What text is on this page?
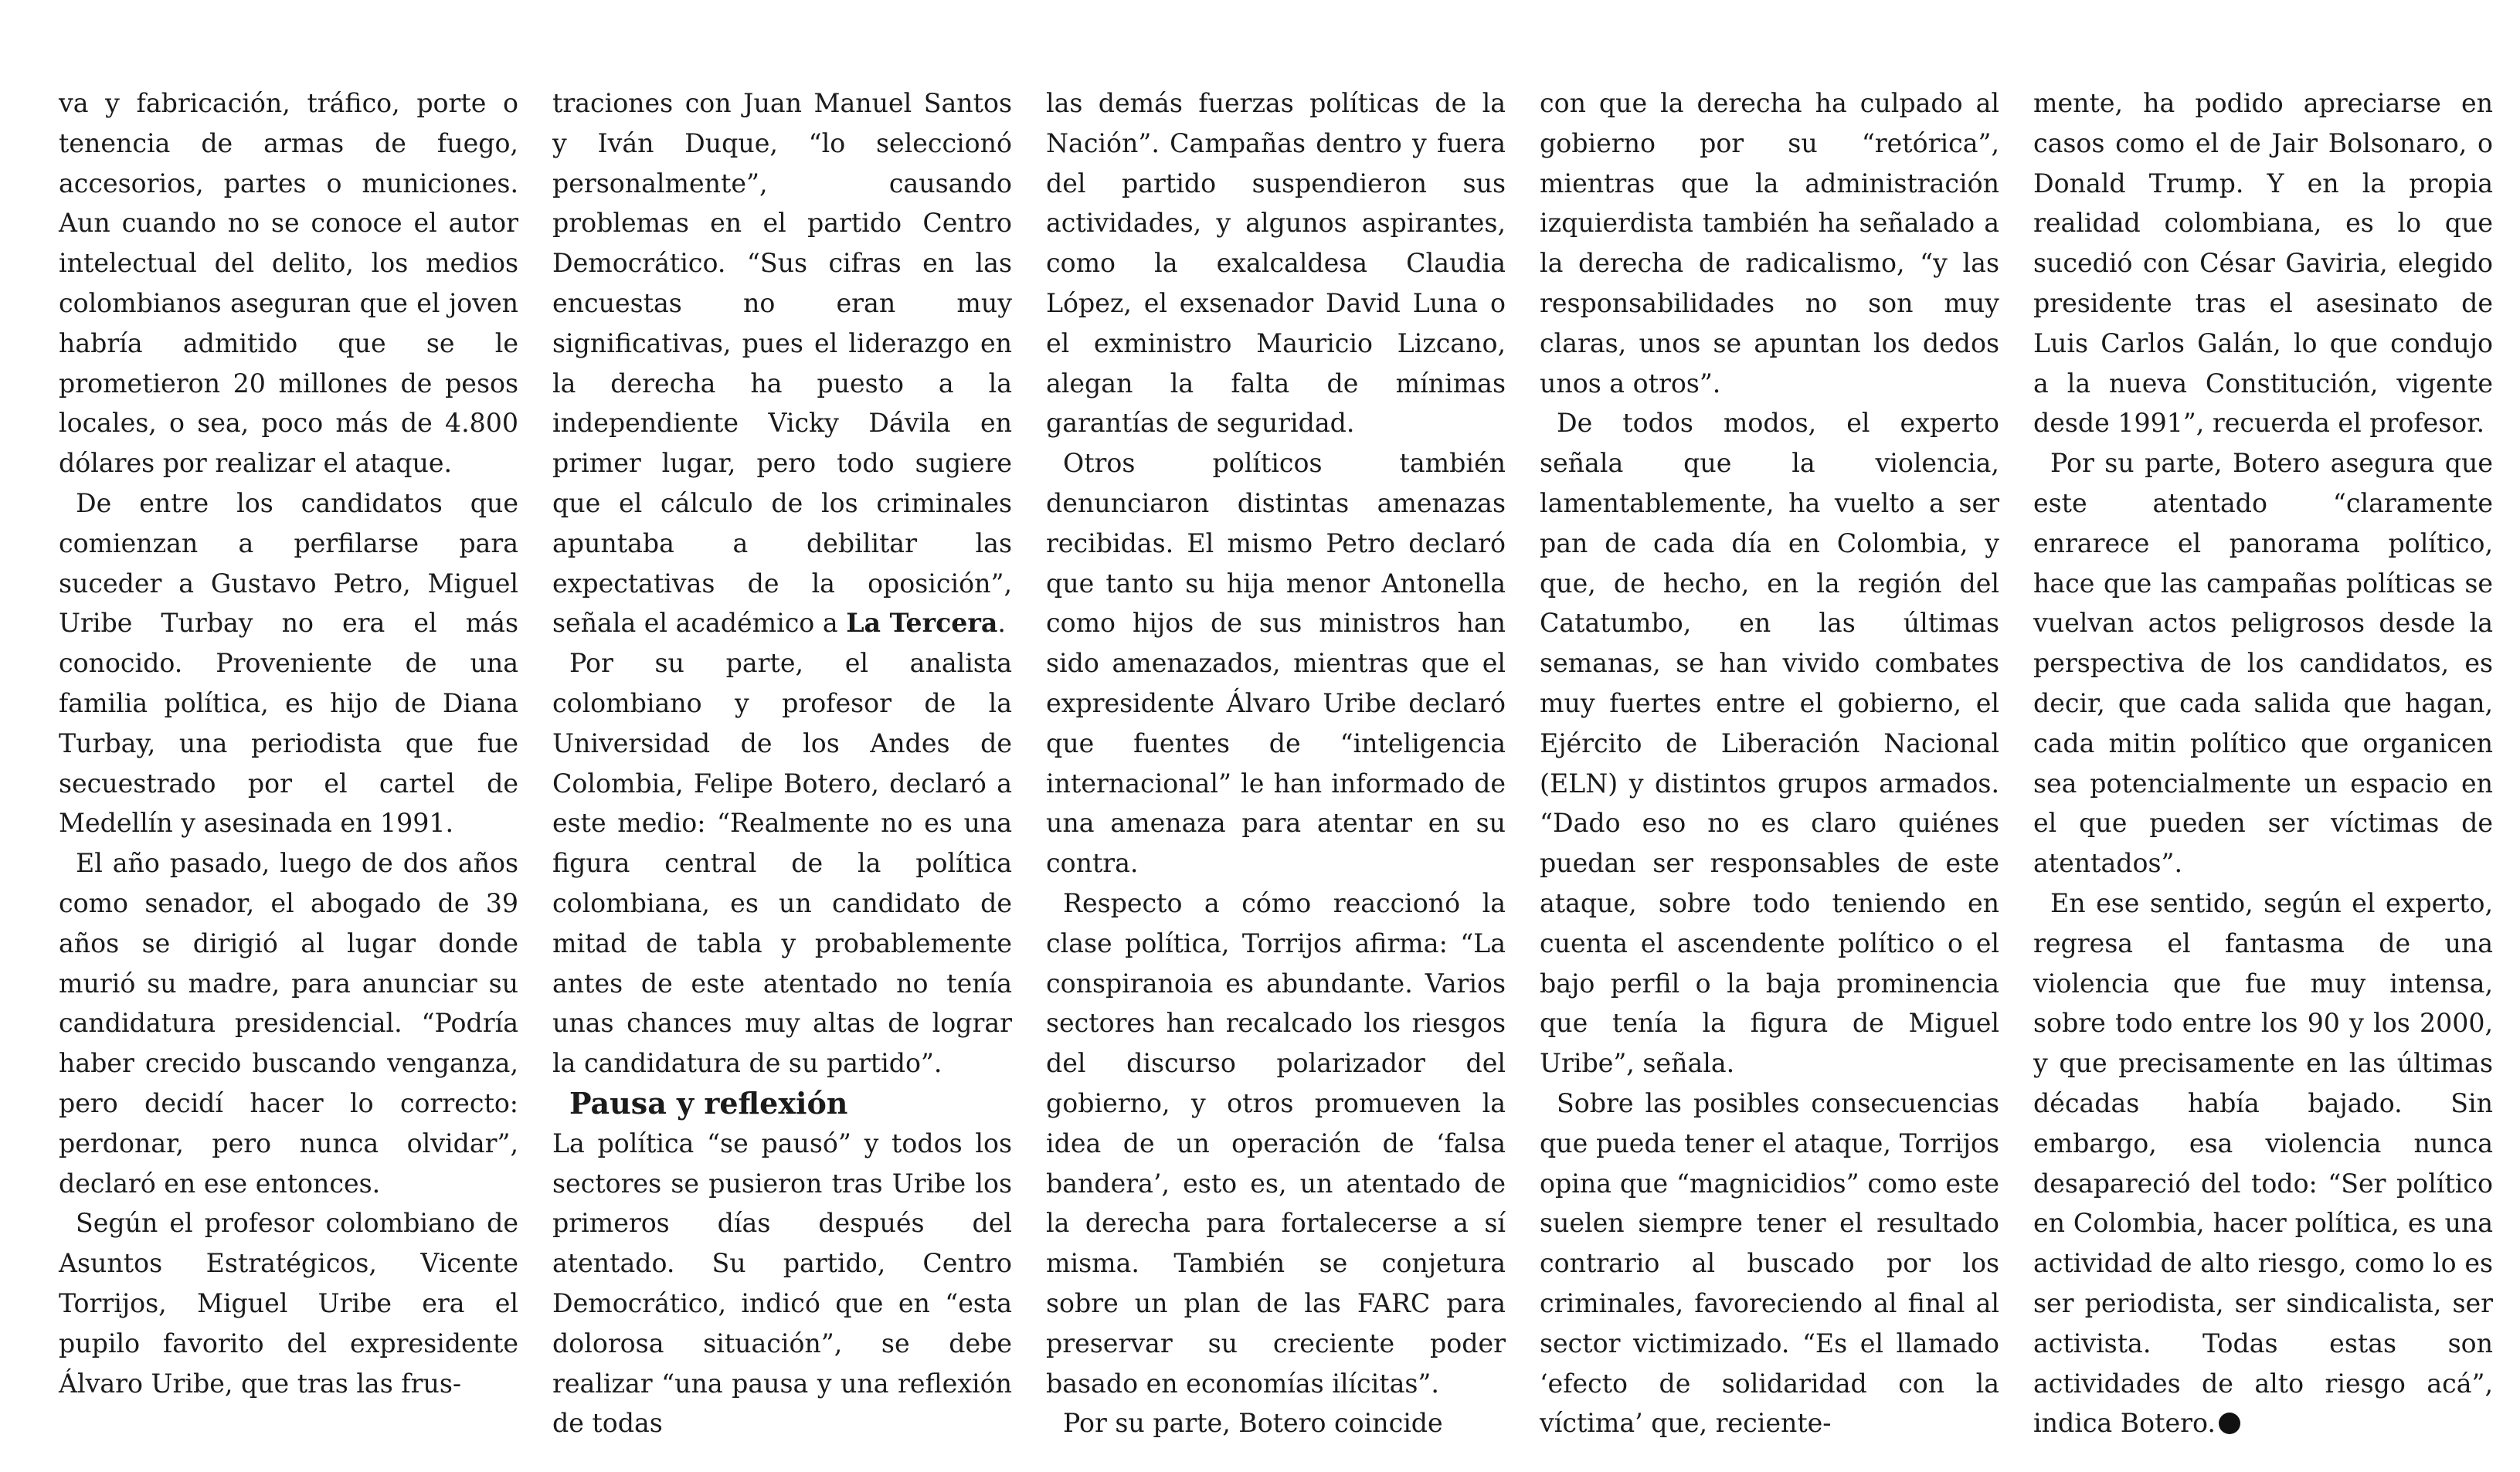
va y fabricación, tráfico, porte o tenencia de armas de fuego, accesorios, partes o municiones. Aun cuando no se conoce el autor intelectual del delito, los medios colombianos aseguran que el joven habría admitido que se le prometieron 20 millones de pesos locales, o sea, poco más de 4.800 dólares por realizar el ataque.

De entre los candidatos que comienzan a perfilarse para suceder a Gustavo Petro, Miguel Uribe Turbay no era el más conocido. Proveniente de una familia política, es hijo de Diana Turbay, una periodista que fue secuestrado por el cartel de Medellín y asesinada en 1991.

El año pasado, luego de dos años como senador, el abogado de 39 años se dirigió al lugar donde murió su madre, para anunciar su candidatura presidencial. “Podría haber crecido buscando venganza, pero decidí hacer lo correcto: perdonar, pero nunca olvidar”, declaró en ese entonces.

Según el profesor colombiano de Asuntos Estratégicos, Vicente Torrijos, Miguel Uribe era el pupilo favorito del expresidente Álvaro Uribe, que tras las frus-

traciones con Juan Manuel Santos y Iván Duque, “lo seleccionó personalmente”, causando problemas en el partido Centro Democrático. “Sus cifras en las encuestas no eran muy significativas, pues el liderazgo en la derecha ha puesto a la independiente Vicky Dávila en primer lugar, pero todo sugiere que el cálculo de los criminales apuntaba a debilitar las expectativas de la oposición”, señala el académico a La Tercera.

Por su parte, el analista colombiano y profesor de la Universidad de los Andes de Colombia, Felipe Botero, declaró a este medio: “Realmente no es una figura central de la política colombiana, es un candidato de mitad de tabla y probablemente antes de este atentado no tenía unas chances muy altas de lograr la candidatura de su partido”.

Pausa y reflexión

La política “se pausó” y todos los sectores se pusieron tras Uribe los primeros días después del atentado. Su partido, Centro Democrático, indicó que en “esta dolorosa situación”, se debe realizar “una pausa y una reflexión de todas

las demás fuerzas políticas de la Nación”. Campañas dentro y fuera del partido suspendieron sus actividades, y algunos aspirantes, como la exalcaldesa Claudia López, el exsenador David Luna o el exministro Mauricio Lizcano, alegan la falta de mínimas garantías de seguridad.

Otros políticos también denunciaron distintas amenazas recibidas. El mismo Petro declaró que tanto su hija menor Antonella como hijos de sus ministros han sido amenazados, mientras que el expresidente Álvaro Uribe declaró que fuentes de “inteligencia internacional” le han informado de una amenaza para atentar en su contra.

Respecto a cómo reaccionó la clase política, Torrijos afirma: “La conspiranoia es abundante. Varios sectores han recalcado los riesgos del discurso polarizador del gobierno, y otros promueven la idea de un operación de ‘falsa bandera’, esto es, un atentado de la derecha para fortalecerse a sí misma. También se conjetura sobre un plan de las FARC para preservar su creciente poder basado en economías ilícitas”.

Por su parte, Botero coincide

con que la derecha ha culpado al gobierno por su “retórica”, mientras que la administración izquierdista también ha señalado a la derecha de radicalismo, “y las responsabilidades no son muy claras, unos se apuntan los dedos unos a otros”.

De todos modos, el experto señala que la violencia, lamentablemente, ha vuelto a ser pan de cada día en Colombia, y que, de hecho, en la región del Catatumbo, en las últimas semanas, se han vivido combates muy fuertes entre el gobierno, el Ejército de Liberación Nacional (ELN) y distintos grupos armados. “Dado eso no es claro quiénes puedan ser responsables de este ataque, sobre todo teniendo en cuenta el ascendente político o el bajo perfil o la baja prominencia que tenía la figura de Miguel Uribe”, señala.

Sobre las posibles consecuencias que pueda tener el ataque, Torrijos opina que “magnicidios” como este suelen siempre tener el resultado contrario al buscado por los criminales, favoreciendo al final al sector victimizado. “Es el llamado ‘efecto de solidaridad con la víctima’ que, reciente-

mente, ha podido apreciarse en casos como el de Jair Bolsonaro, o Donald Trump. Y en la propia realidad colombiana, es lo que sucedió con César Gaviria, elegido presidente tras el asesinato de Luis Carlos Galán, lo que condujo a la nueva Constitución, vigente desde 1991”, recuerda el profesor.

Por su parte, Botero asegura que este atentado “claramente enrarece el panorama político, hace que las campañas políticas se vuelvan actos peligrosos desde la perspectiva de los candidatos, es decir, que cada salida que hagan, cada mitin político que organicen sea potencialmente un espacio en el que pueden ser víctimas de atentados”.

En ese sentido, según el experto, regresa el fantasma de una violencia que fue muy intensa, sobre todo entre los 90 y los 2000, y que precisamente en las últimas décadas había bajado. Sin embargo, esa violencia nunca desapareció del todo: “Ser político en Colombia, hacer política, es una actividad de alto riesgo, como lo es ser periodista, ser sindicalista, ser activista. Todas estas son actividades de alto riesgo acá”, indica Botero.
